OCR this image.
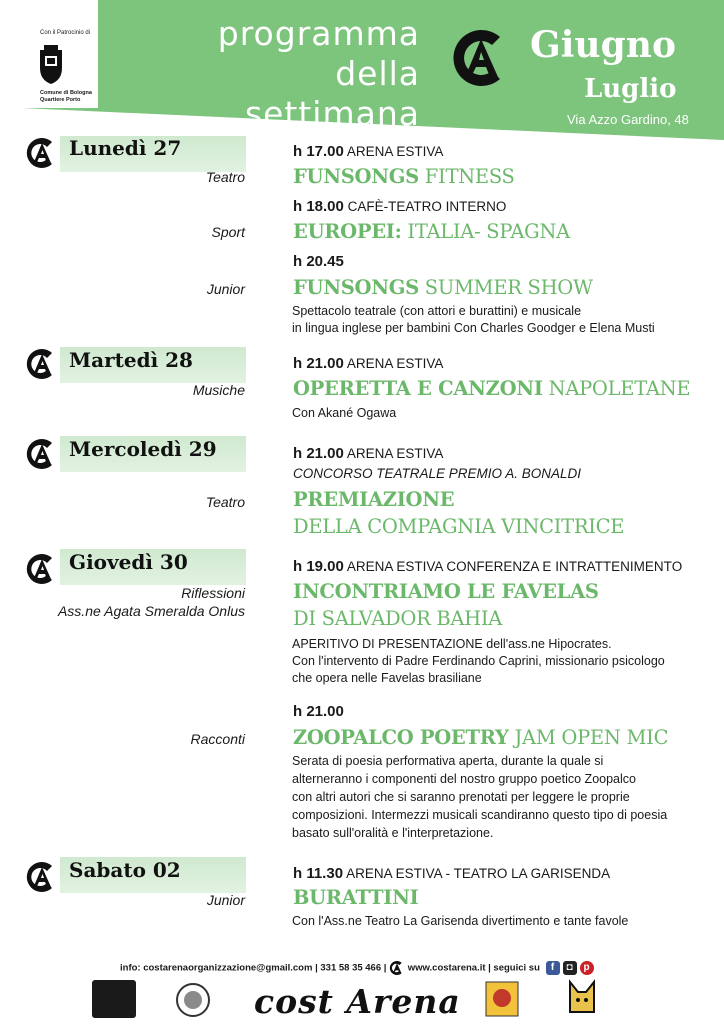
Con il Patrocinio di
Comune di Bologna
Quartiere Porto
programma
della settimana
Giugno
Luglio
Via Azzo Gardino, 48
Lunedì 27
Teatro
h 17.00 ARENA ESTIVA
FUNSONGS FITNESS
Sport
h 18.00 CAFÈ-TEATRO INTERNO
EUROPEI: ITALIA- SPAGNA
Junior
h 20.45
FUNSONGS SUMMER SHOW
Spettacolo teatrale (con attori e burattini) e musicale
in lingua inglese per bambini Con Charles Goodger e Elena Musti
Martedì 28
Musiche
h 21.00 ARENA ESTIVA
OPERETTA E CANZONI NAPOLETANE
Con Akané Ogawa
Mercoledì 29	h 21.00 ARENA ESTIVA
CONCORSO TEATRALE PREMIO A. BONALDI
Teatro PREMIAZIONE
DELLA COMPAGNIA VINCITRICE
Giovedì 30
Riflessioni
Ass.ne Agata Smeralda Onlus
h 19.00 ARENA ESTIVA CONFERENZA E INTRATTENIMENTO
INCONTRIAMO LE FAVELAS
DI SALVADOR BAHIA
APERITIVO DI PRESENTAZIONE dell'ass.ne Hipocrates.
Con l'intervento di Padre Ferdinando Caprini, missionario psicologo
che opera nelle Favelas brasiliane
h 21.00
Racconti ZOOPALCO POETRY JAM OPEN MIC
Serata di poesia performativa aperta, durante la quale si
alterneranno i componenti del nostro gruppo poetico Zoopalco
con altri autori che si saranno prenotati per leggere le proprie
composizioni. Intermezzi musicali scandiranno questo tipo di poesia
basato sull'oralità e l'interpretazione.
Sabato 02	h 11.30 ARENA ESTIVA - TEATRO LA GARISENDA
Junior BURATTINI
Con l'Ass.ne Teatro La Garisenda divertimento e tante favole
info: costarenaorganizzazione@gmail.com | 331 58 35 466 | www.costarena.it | seguici su f ◘ p
cost Arena
